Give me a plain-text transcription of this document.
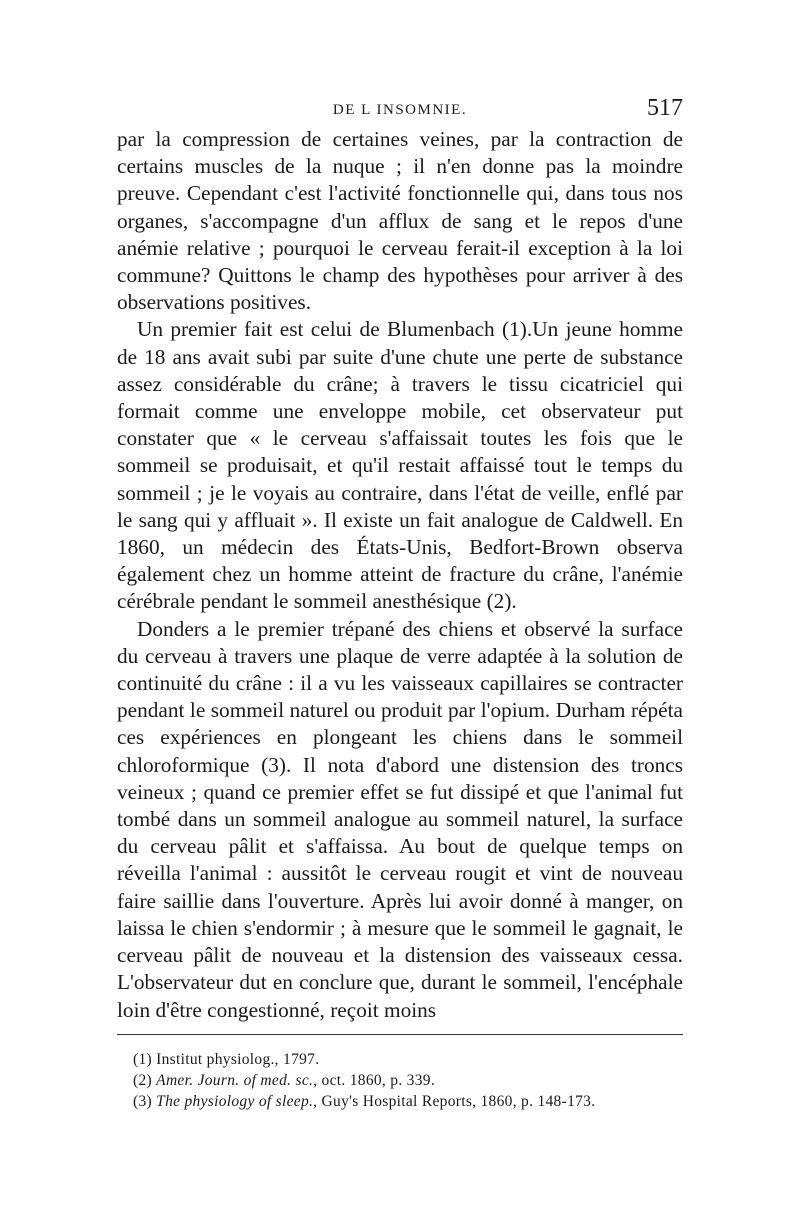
DE L INSOMNIE.	517

par la compression de certaines veines, par la contraction de certains muscles de la nuque ; il n'en donne pas la moindre preuve. Cependant c'est l'activité fonctionnelle qui, dans tous nos organes, s'accompagne d'un afflux de sang et le repos d'une anémie relative ; pourquoi le cerveau ferait-il exception à la loi commune? Quittons le champ des hypothèses pour arriver à des observations positives.

Un premier fait est celui de Blumenbach (1).Un jeune homme de 18 ans avait subi par suite d'une chute une perte de substance assez considérable du crâne; à travers le tissu cicatriciel qui formait comme une enveloppe mobile, cet observateur put constater que « le cerveau s'affaissait toutes les fois que le sommeil se produisait, et qu'il restait affaissé tout le temps du sommeil ; je le voyais au contraire, dans l'état de veille, enflé par le sang qui y affluait ». Il existe un fait analogue de Caldwell. En 1860, un médecin des États-Unis, Bedfort-Brown observa également chez un homme atteint de fracture du crâne, l'anémie cérébrale pendant le sommeil anesthésique (2).

Donders a le premier trépané des chiens et observé la surface du cerveau à travers une plaque de verre adaptée à la solution de continuité du crâne : il a vu les vaisseaux capillaires se contracter pendant le sommeil naturel ou produit par l'opium. Durham répéta ces expériences en plongeant les chiens dans le sommeil chloroformique (3). Il nota d'abord une distension des troncs veineux ; quand ce premier effet se fut dissipé et que l'animal fut tombé dans un sommeil analogue au sommeil naturel, la surface du cerveau pâlit et s'affaissa. Au bout de quelque temps on réveilla l'animal : aussitôt le cerveau rougit et vint de nouveau faire saillie dans l'ouverture. Après lui avoir donné à manger, on laissa le chien s'endormir ; à mesure que le sommeil le gagnait, le cerveau pâlit de nouveau et la distension des vaisseaux cessa. L'observateur dut en conclure que, durant le sommeil, l'encéphale loin d'être congestionné, reçoit moins

(1) Institut physiolog., 1797.
(2) Amer. Journ. of med. sc., oct. 1860, p. 339.
(3) The physiology of sleep., Guy's Hospital Reports, 1860, p. 148-173.
